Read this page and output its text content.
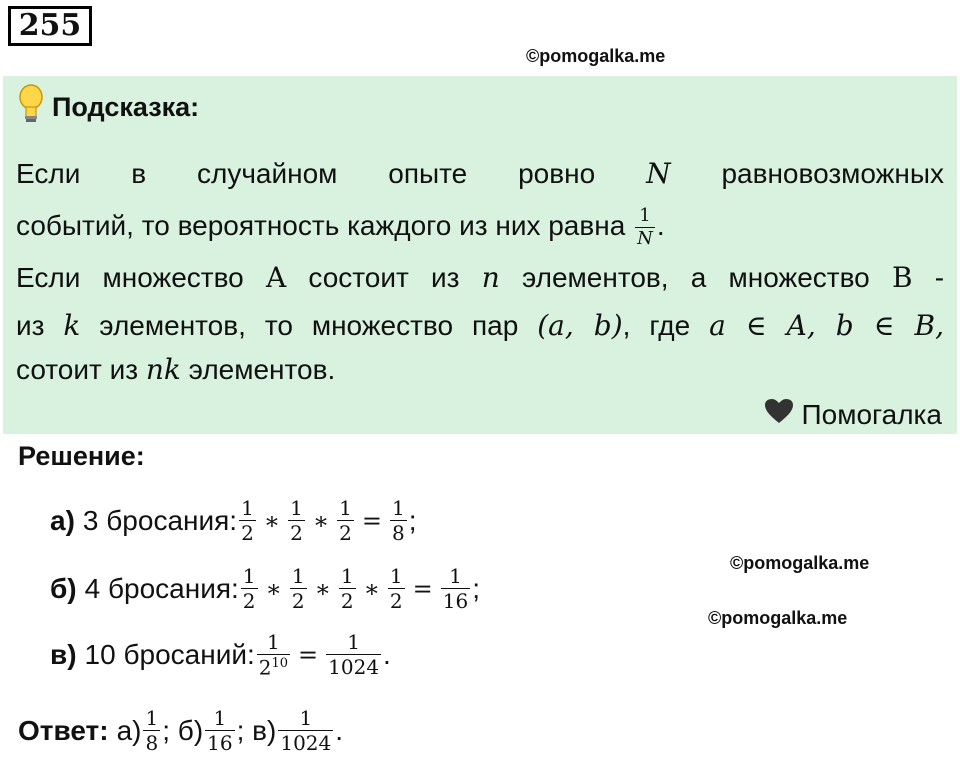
255
©pomogalka.me
Подсказка:
Если в случайном опыте ровно N равновозможных
событий, то вероятность каждого из них равна $\frac{1}{N}$ .
Если множество A состоит из n элементов, а множество B -
из k элементов, то множество пар (a, b), где a ∈ A, b ∈ B,
сотоит из nk элементов.
Помогалка
Решение:
а) 3 бросания: $\frac{1}{2}$ ∗ $\frac{1}{2}$ ∗ $\frac{1}{2} = \frac{1}{8}$ ;
б) 4 бросания: $\frac{1}{2}$ ∗ $\frac{1}{2}$ ∗ $\frac{1}{2}$ ∗ $\frac{1}{2} = \frac{1}{16}$ ;
в) 10 бросаний: $\frac{1}{2^{10}} = \frac{1}{1024}$ .
©pomogalka.me
©pomogalka.me
Ответ: $а) \frac{1}{8}$ ; $б) \frac{1}{16}$ ; $в) \frac{1}{1024}$ .
